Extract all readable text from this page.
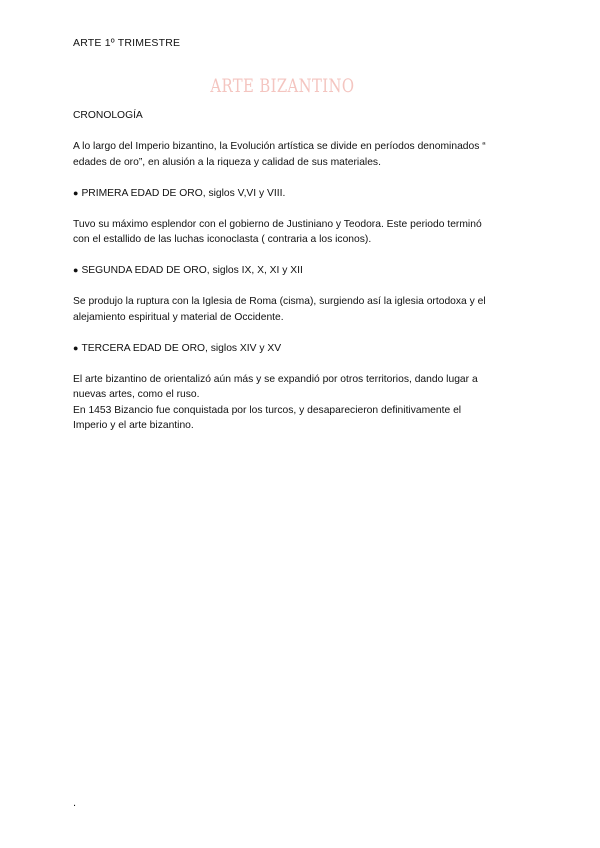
ARTE 1º TRIMESTRE
ARTE BIZANTINO

CRONOLOGÍA

A lo largo del Imperio bizantino, la Evolución artística se divide en períodos denominados “
edades de oro”, en alusión a la riqueza y calidad de sus materiales.

● PRIMERA EDAD DE ORO, siglos V,VI y VIII.

Tuvo su máximo esplendor con el gobierno de Justiniano y Teodora. Este periodo terminó
con el estallido de las luchas iconoclasta ( contraria a los iconos).

● SEGUNDA EDAD DE ORO, siglos IX, X, XI y XII

Se produjo la ruptura con la Iglesia de Roma (cisma), surgiendo así la iglesia ortodoxa y el
alejamiento espiritual y material de Occidente.

● TERCERA EDAD DE ORO, siglos XIV y XV

El arte bizantino de orientalizó aún más y se expandió por otros territorios, dando lugar a
nuevas artes, como el ruso.
En 1453 Bizancio fue conquistada por los turcos, y desaparecieron definitivamente el
Imperio y el arte bizantino.

.
